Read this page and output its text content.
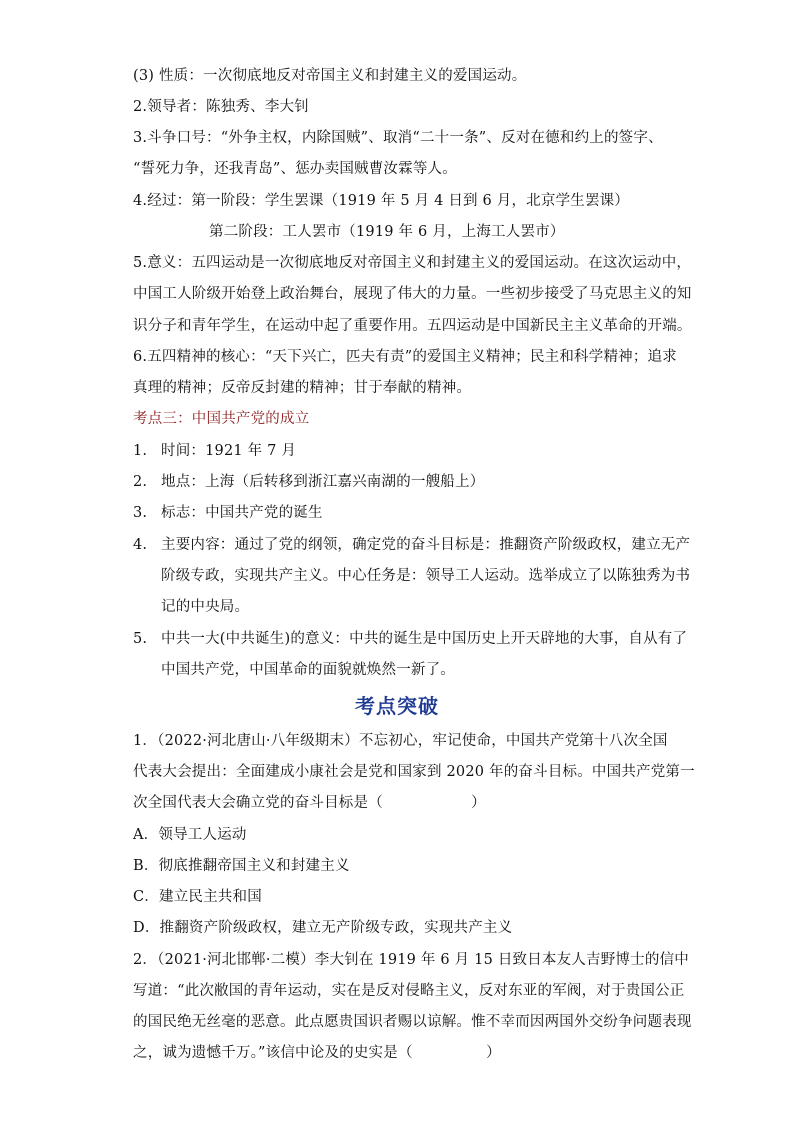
(3) 性质：一次彻底地反对帝国主义和封建主义的爱国运动。
2.领导者：陈独秀、李大钊
3.斗争口号：“外争主权，内除国贼”、取消“二十一条”、反对在德和约上的签字、
“誓死力争，还我青岛”、惩办卖国贼曹汝霖等人。
4.经过：第一阶段：学生罢课（1919 年 5 月 4 日到 6 月，北京学生罢课）
第二阶段：工人罢市（1919 年 6 月，上海工人罢市）
5.意义：五四运动是一次彻底地反对帝国主义和封建主义的爱国运动。在这次运动中，
中国工人阶级开始登上政治舞台，展现了伟大的力量。一些初步接受了马克思主义的知
识分子和青年学生，在运动中起了重要作用。五四运动是中国新民主主义革命的开端。
6.五四精神的核心：“天下兴亡，匹夫有责”的爱国主义精神；民主和科学精神；追求
真理的精神；反帝反封建的精神；甘于奉献的精神。
考点三：中国共产党的成立
1. 时间：1921 年 7 月
2. 地点：上海（后转移到浙江嘉兴南湖的一艘船上）
3. 标志：中国共产党的诞生
4. 主要内容：通过了党的纲领，确定党的奋斗目标是：推翻资产阶级政权，建立无产
阶级专政，实现共产主义。中心任务是：领导工人运动。选举成立了以陈独秀为书
记的中央局。
5. 中共一大(中共诞生)的意义：中共的诞生是中国历史上开天辟地的大事，自从有了
中国共产党，中国革命的面貌就焕然一新了。
考点突破
1．（2022·河北唐山·八年级期末）不忘初心，牢记使命，中国共产党第十八次全国
代表大会提出：全面建成小康社会是党和国家到 2020 年的奋斗目标。中国共产党第一
次全国代表大会确立党的奋斗目标是（　　　　　　）
A．领导工人运动
B．彻底推翻帝国主义和封建主义
C．建立民主共和国
D．推翻资产阶级政权，建立无产阶级专政，实现共产主义
2．（2021·河北邯郸·二模）李大钊在 1919 年 6 月 15 日致日本友人吉野博士的信中
写道：“此次敝国的青年运动，实在是反对侵略主义，反对东亚的军阀，对于贵国公正
的国民绝无丝毫的恶意。此点愿贵国识者赐以谅解。惟不幸而因两国外交纷争问题表现
之，诚为遗憾千万。”该信中论及的史实是（　　　　　）
